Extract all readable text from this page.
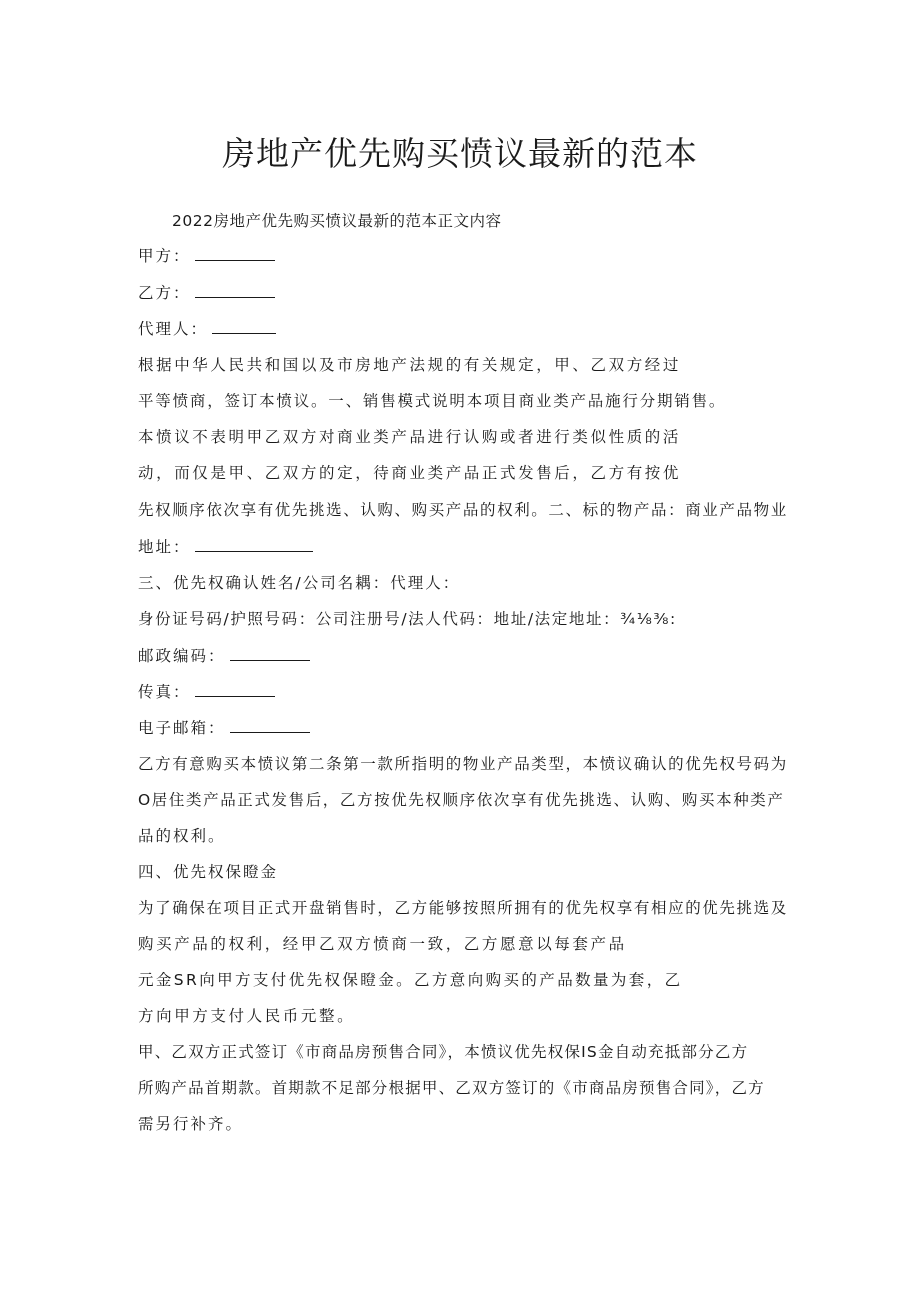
房地产优先购买愤议最新的范本
2022房地产优先购买愤议最新的范本正文内容
甲方：
乙方：
代理人：
根据中华人民共和国以及市房地产法规的有关规定，甲、乙双方经过
平等愤商，签订本愤议。一、销售模式说明本项目商业类产品施行分期销售。
本愤议不表明甲乙双方对商业类产品进行认购或者进行类似性质的活
动，而仅是甲、乙双方的定，待商业类产品正式发售后，乙方有按优
先权顺序依次享有优先挑选、认购、购买产品的权利。二、标的物产品：商业产品物业
地址：
三、优先权确认姓名/公司名耦：代理人：
身份证号码/护照号码：公司注册号/法人代码：地址/法定地址：¾⅛⅜:
邮政编码：
传真：
电子邮箱：
乙方有意购买本愤议第二条第一款所指明的物业产品类型，本愤议确认的优先权号码为
O居住类产品正式发售后，乙方按优先权顺序依次享有优先挑选、认购、购买本种类产
品的权利。
四、优先权保瞪金
为了确保在项目正式开盘销售时，乙方能够按照所拥有的优先权享有相应的优先挑选及
购买产品的权利，经甲乙双方愤商一致，乙方愿意以每套产品
元金SR向甲方支付优先权保瞪金。乙方意向购买的产品数量为套，乙
方向甲方支付人民币元整。
甲、乙双方正式签订《市商品房预售合同》，本愤议优先权保IS金自动充抵部分乙方
所购产品首期款。首期款不足部分根据甲、乙双方签订的《市商品房预售合同》，乙方
需另行补齐。
